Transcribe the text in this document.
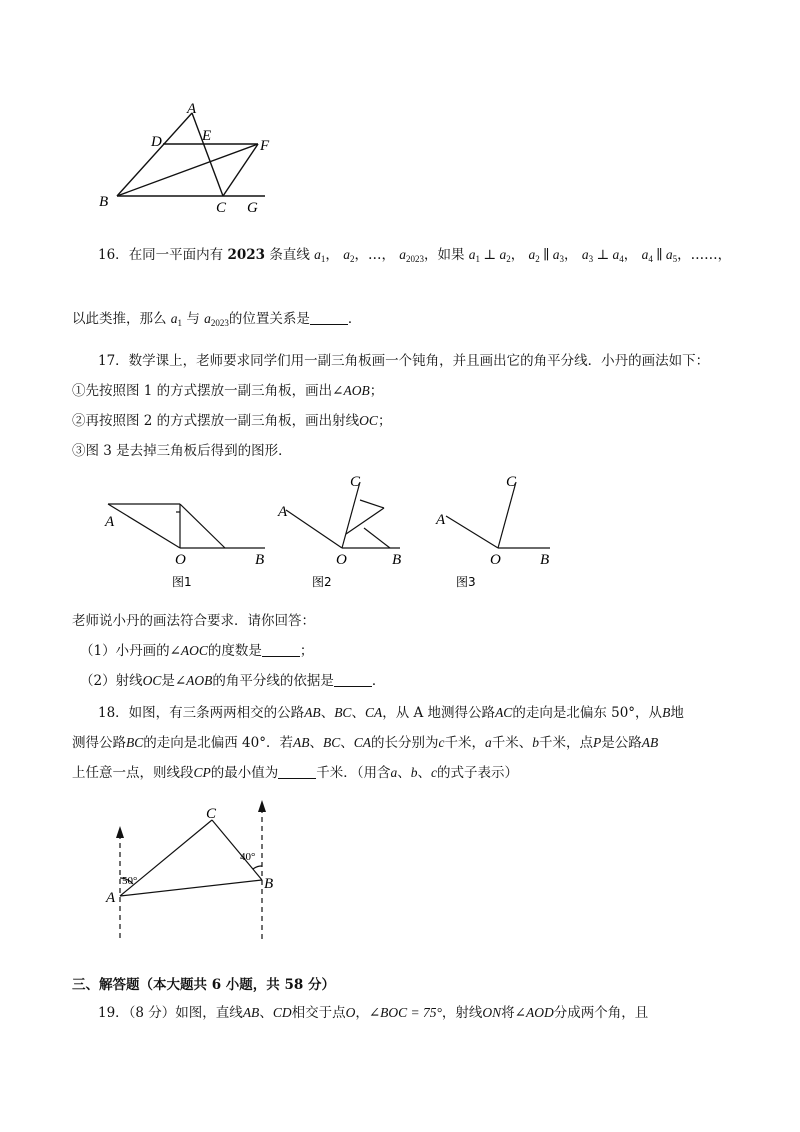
A
D	E
F
B	C G
16．在同一平面内有 2023 条直线 $a_1$， $a_2$，…， $a_{2023}$，如果 $a_1$ ⊥ $a_2$， $a_2$ ∥ $a_3$， $a_3$ ⊥ $a_4$， $a_4$ ∥ $a_5$，……，
以此类推，那么 $a_1$ 与 $a_{2023}$的位置关系是	．
17．数学课上，老师要求同学们用一副三角板画一个钝角，并且画出它的角平分线．小丹的画法如下：
①先按照图 1 的方式摆放一副三角板，画出∠AOB；
②再按照图 2 的方式摆放一副三角板，画出射线OC；
③图 3 是去掉三角板后得到的图形．
A
O	B
图1
C
A
O	B
图2
C
A
O	B
图3
老师说小丹的画法符合要求．请你回答：
（1）小丹画的∠AOC的度数是	；
（2）射线OC是∠AOB的角平分线的依据是	．
18．如图，有三条两两相交的公路AB、BC、CA，从 A 地测得公路AC的走向是北偏东 50°，从B地
测得公路BC的走向是北偏西 40°．若AB、BC、CA的长分别为c千米，a千米、b千米，点P是公路AB
上任意一点，则线段CP的最小值为	千米．（用含a、b、c的式子表示）
C
A
B
50°
40°
三、解答题（本大题共 6 小题，共 58 分）
19．（8 分）如图，直线AB、CD相交于点O，∠BOC = 75°，射线ON将∠AOD分成两个角，且
